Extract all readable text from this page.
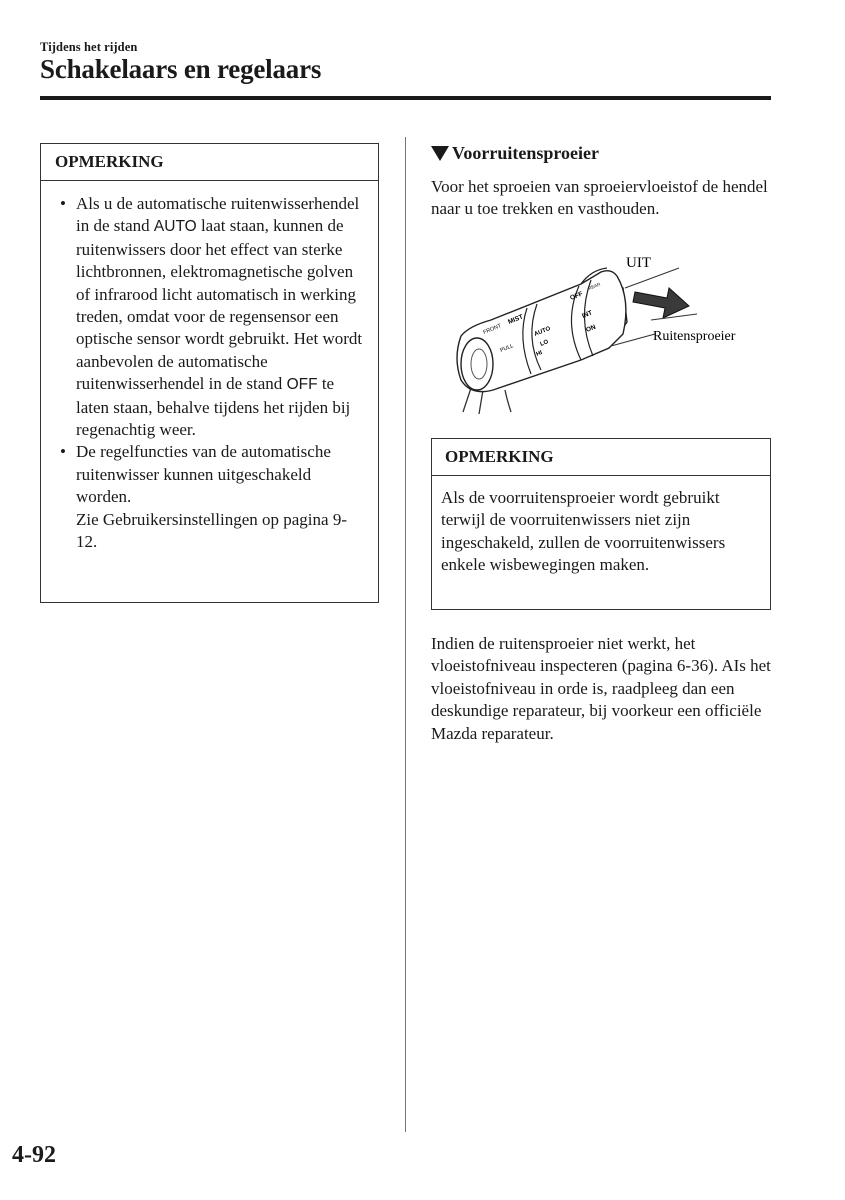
Tijdens het rijden
Schakelaars en regelaars
OPMERKING
• Als u de automatische ruitenwisserhendel in de stand AUTO laat staan, kunnen de ruitenwissers door het effect van sterke lichtbronnen, elektromagnetische golven of infrarood licht automatisch in werking treden, omdat voor de regensensor een optische sensor wordt gebruikt. Het wordt aanbevolen de automatische ruitenwisserhendel in de stand OFF te laten staan, behalve tijdens het rijden bij regenachtig weer.
• De regelfuncties van de automatische ruitenwisser kunnen uitgeschakeld worden.
Zie Gebruikersinstellingen op pagina 9-12.
Voorruitensproeier

Voor het sproeien van sproeiervloeistof de hendel naar u toe trekken en vasthouden.

FRONT
MIST
PULL
AUTO
LO
HI
OFF
REAR
INT
ON
UIT
Ruitensproeier
OPMERKING
Als de voorruitensproeier wordt gebruikt terwijl de voorruitenwissers niet zijn ingeschakeld, zullen de voorruitenwissers enkele wisbewegingen maken.

Indien de ruitensproeier niet werkt, het vloeistofniveau inspecteren (pagina 6-36). AIs het vloeistofniveau in orde is, raadpleeg dan een deskundige reparateur, bij voorkeur een officiële Mazda reparateur.

4-92
